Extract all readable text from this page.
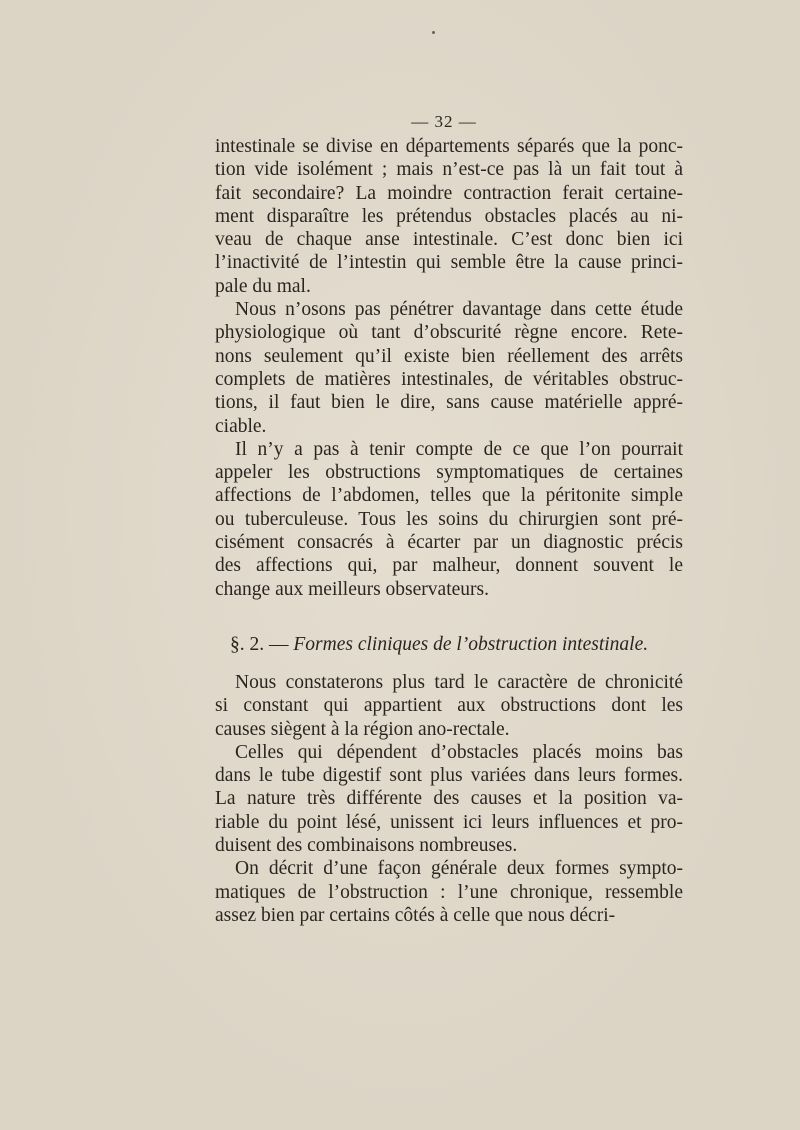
— 32 —
intestinale se divise en départements séparés que la ponc-
tion vide isolément ; mais n’est-ce pas là un fait tout à
fait secondaire? La moindre contraction ferait certaine-
ment disparaître les prétendus obstacles placés au ni-
veau de chaque anse intestinale. C’est donc bien ici
l’inactivité de l’intestin qui semble être la cause princi-
pale du mal.
Nous n’osons pas pénétrer davantage dans cette étude
physiologique où tant d’obscurité règne encore. Rete-
nons seulement qu’il existe bien réellement des arrêts
complets de matières intestinales, de véritables obstruc-
tions, il faut bien le dire, sans cause matérielle appré-
ciable.
Il n’y a pas à tenir compte de ce que l’on pourrait
appeler les obstructions symptomatiques de certaines
affections de l’abdomen, telles que la péritonite simple
ou tuberculeuse. Tous les soins du chirurgien sont pré-
cisément consacrés à écarter par un diagnostic précis
des affections qui, par malheur, donnent souvent le
change aux meilleurs observateurs.
§. 2. — Formes cliniques de l’obstruction intestinale.
Nous constaterons plus tard le caractère de chronicité
si constant qui appartient aux obstructions dont les
causes siègent à la région ano-rectale.
Celles qui dépendent d’obstacles placés moins bas
dans le tube digestif sont plus variées dans leurs formes.
La nature très différente des causes et la position va-
riable du point lésé, unissent ici leurs influences et pro-
duisent des combinaisons nombreuses.
On décrit d’une façon générale deux formes sympto-
matiques de l’obstruction : l’une chronique, ressemble
assez bien par certains côtés à celle que nous décri-
